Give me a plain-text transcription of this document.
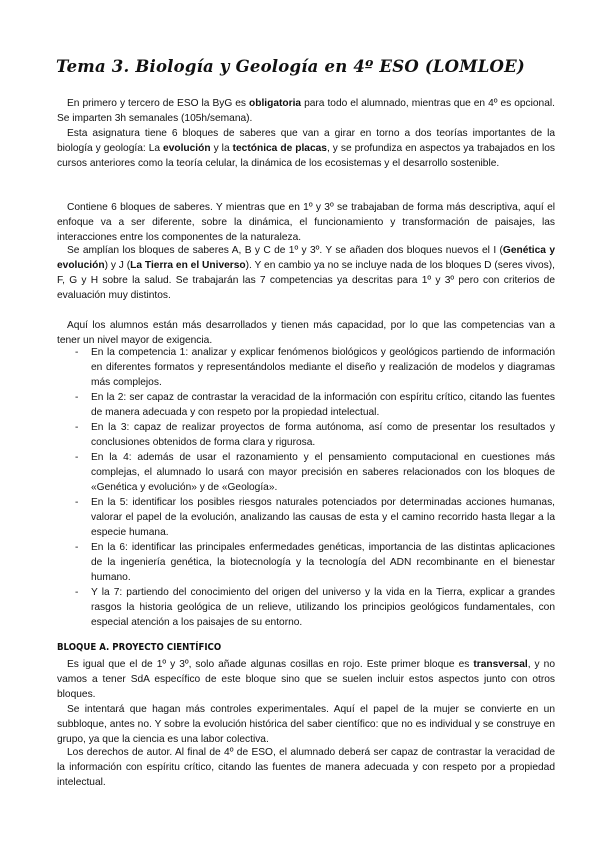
Tema 3. Biología y Geología en 4º ESO (LOMLOE)

En primero y tercero de ESO la ByG es obligatoria para todo el alumnado, mientras que en 4º es opcional. Se imparten 3h semanales (105h/semana).

Esta asignatura tiene 6 bloques de saberes que van a girar en torno a dos teorías importantes de la biología y geología: La evolución y la tectónica de placas, y se profundiza en aspectos ya trabajados en los cursos anteriores como la teoría celular, la dinámica de los ecosistemas y el desarrollo sostenible.

Contiene 6 bloques de saberes. Y mientras que en 1º y 3º se trabajaban de forma más descriptiva, aquí el enfoque va a ser diferente, sobre la dinámica, el funcionamiento y transformación de paisajes, las interacciones entre los componentes de la naturaleza.

Se amplían los bloques de saberes A, B y C de 1º y 3º. Y se añaden dos bloques nuevos el I (Genética y evolución) y J (La Tierra en el Universo). Y en cambio ya no se incluye nada de los bloques D (seres vivos), F, G y H sobre la salud. Se trabajarán las 7 competencias ya descritas para 1º y 3º pero con criterios de evaluación muy distintos.

Aquí los alumnos están más desarrollados y tienen más capacidad, por lo que las competencias van a tener un nivel mayor de exigencia.

- En la competencia 1: analizar y explicar fenómenos biológicos y geológicos partiendo de información en diferentes formatos y representándolos mediante el diseño y realización de modelos y diagramas más complejos.
- En la 2: ser capaz de contrastar la veracidad de la información con espíritu crítico, citando las fuentes de manera adecuada y con respeto por la propiedad intelectual.
- En la 3: capaz de realizar proyectos de forma autónoma, así como de presentar los resultados y conclusiones obtenidos de forma clara y rigurosa.
- En la 4: además de usar el razonamiento y el pensamiento computacional en cuestiones más complejas, el alumnado lo usará con mayor precisión en saberes relacionados con los bloques de «Genética y evolución» y de «Geología».
- En la 5: identificar los posibles riesgos naturales potenciados por determinadas acciones humanas, valorar el papel de la evolución, analizando las causas de esta y el camino recorrido hasta llegar a la especie humana.
- En la 6: identificar las principales enfermedades genéticas, importancia de las distintas aplicaciones de la ingeniería genética, la biotecnología y la tecnología del ADN recombinante en el bienestar humano.
- Y la 7: partiendo del conocimiento del origen del universo y la vida en la Tierra, explicar a grandes rasgos la historia geológica de un relieve, utilizando los principios geológicos fundamentales, con especial atención a los paisajes de su entorno.
BLOQUE A. PROYECTO CIENTÍFICO

Es igual que el de 1º y 3º, solo añade algunas cosillas en rojo. Este primer bloque es transversal, y no vamos a tener SdA específico de este bloque sino que se suelen incluir estos aspectos junto con otros bloques.

Se intentará que hagan más controles experimentales. Aquí el papel de la mujer se convierte en un subbloque, antes no. Y sobre la evolución histórica del saber científico: que no es individual y se construye en grupo, ya que la ciencia es una labor colectiva.

Los derechos de autor. Al final de 4º de ESO, el alumnado deberá ser capaz de contrastar la veracidad de la información con espíritu crítico, citando las fuentes de manera adecuada y con respeto por a propiedad intelectual.
